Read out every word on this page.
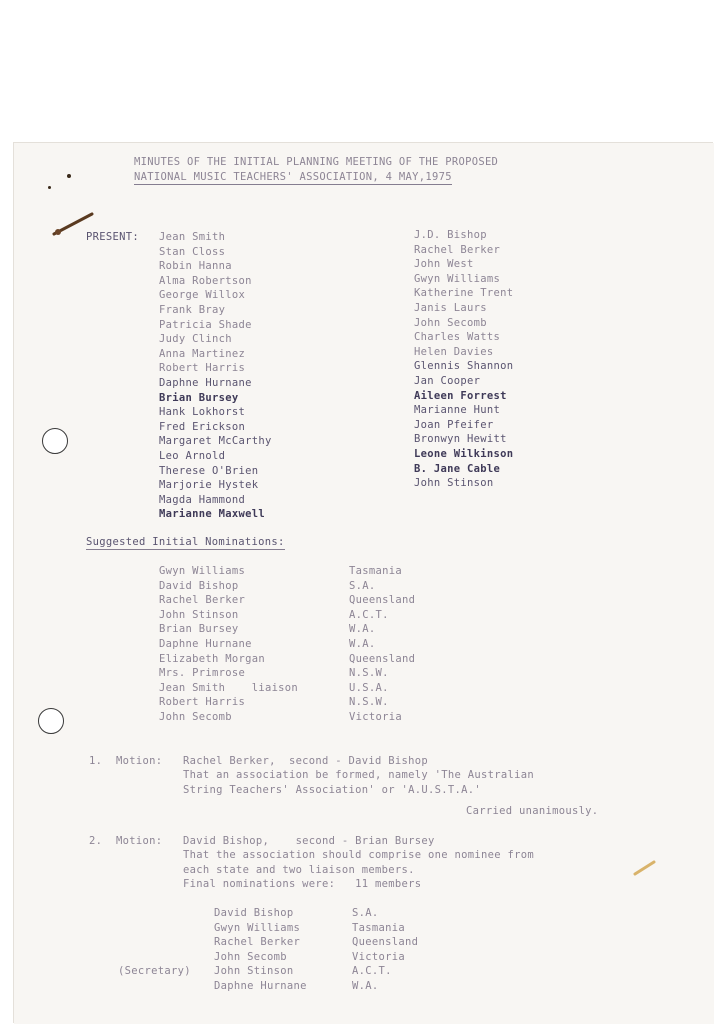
MINUTES OF THE INITIAL PLANNING MEETING OF THE PROPOSED
NATIONAL MUSIC TEACHERS' ASSOCIATION, 4 MAY,1975
PRESENT: Jean Smith
Stan Closs
Robin Hanna
Alma Robertson
George Willox
Frank Bray
Patricia Shade
Judy Clinch
Anna Martinez
Robert Harris
Daphne Hurnane
Brian Bursey
Hank Lokhorst
Fred Erickson
Margaret McCarthy
Leo Arnold
Therese O'Brien
Marjorie Hystek
Magda Hammond
Marianne Maxwell
J.D. Bishop
Rachel Berker
John West
Gwyn Williams
Katherine Trent
Janis Laurs
John Secomb
Charles Watts
Helen Davies
Glennis Shannon
Jan Cooper
Aileen Forrest
Marianne Hunt
Joan Pfeifer
Bronwyn Hewitt
Leone Wilkinson
B. Jane Cable
John Stinson
Suggested Initial Nominations:
Gwyn Williams
David Bishop
Rachel Berker
John Stinson
Brian Bursey
Daphne Hurnane
Elizabeth Morgan
Mrs. Primrose
Jean Smith    liaison
Robert Harris
John Secomb
Tasmania
S.A.
Queensland
A.C.T.
W.A.
W.A.
Queensland
N.S.W.
U.S.A.
N.S.W.
Victoria
1. Motion: Rachel Berker,  second - David Bishop
That an association be formed, namely 'The Australian
String Teachers' Association' or 'A.U.S.T.A.'
Carried unanimously.
2. Motion: David Bishop,    second - Brian Bursey
That the association should comprise one nominee from
each state and two liaison members.
Final nominations were:   11 members
(Secretary)
David Bishop
Gwyn Williams
Rachel Berker
John Secomb
John Stinson
Daphne Hurnane
S.A.
Tasmania
Queensland
Victoria
A.C.T.
W.A.
